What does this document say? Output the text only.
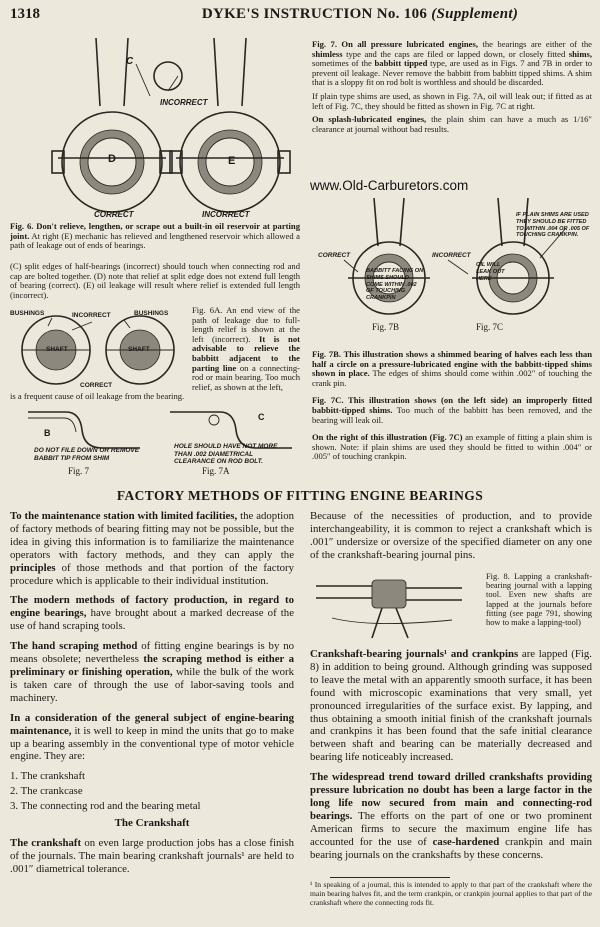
1318	DYKE'S INSTRUCTION No. 106 (Supplement)
C
INCORRECT
D	E
CORRECT	INCORRECT
Fig. 6. Don't relieve, lengthen, or scrape out a built-in oil reservoir at parting joint. At right (E) mechanic has relieved and lengthened reservoir which allowed a path of leakage out of ends of bearings.
(C) split edges of half-bearings (incorrect) should touch when connecting rod and cap are bolted together. (D) note that relief at split edge does not extend full length of bearing (correct). (E) oil leakage will result where relief is extended full length (incorrect).
BUSHINGS	INCORRECT	BUSHINGS
SHAFT	SHAFT
CORRECT
Fig. 6A. An end view of the path of leakage due to full-length relief is shown at the left (incorrect). It is not advisable to relieve the babbitt adjacent to the parting line on a connecting-rod or main bearing. Too much relief, as shown at the left,
is a frequent cause of oil leakage from the bearing.
B
C
DO NOT FILE DOWN OR REMOVE BABBIT TIP FROM SHIM
HOLE SHOULD HAVE NOT MORE THAN .002 DIAMETRICAL CLEARANCE ON ROD BOLT.
Fig. 7	Fig. 7A
Fig. 7. On all pressure lubricated engines, the bearings are either of the shimless type and the caps are filed or lapped down, or closely fitted shims, sometimes of the babbitt tipped type, are used as in Figs. 7 and 7B in order to prevent oil leakage. Never remove the babbitt from babbitt tipped shims. A shim that is a sloppy fit on rod bolt is worthless and should be discarded.
If plain type shims are used, as shown in Fig. 7A, oil will leak out; if fitted as at left of Fig. 7C, they should be fitted as shown in Fig. 7C at right.
On splash-lubricated engines, the plain shim can have a much as 1/16″ clearance at journal without bad results.
www.Old-Carburetors.com
CORRECT
BABBITT FACING ON SHIMS SHOULD COME WITHIN .002 OF TOUCHING CRANKPIN
INCORRECT
OIL WILL LEAK OUT HERE
IF PLAIN SHIMS ARE USED THEY SHOULD BE FITTED TO WITHIN .004 OR .005 OF TOUCHING CRANKPIN.
Fig. 7B	Fig. 7C
Fig. 7B. This illustration shows a shimmed bearing of halves each less than half a circle on a pressure-lubricated engine with the babbitt-tipped shims shown in place. The edges of shims should come within .002″ of touching the crank pin.
Fig. 7C. This illustration shows (on the left side) an improperly fitted babbitt-tipped shims. Too much of the babbitt has been removed, and the bearing will leak oil.
On the right of this illustration (Fig. 7C) an example of fitting a plain shim is shown. Note: if plain shims are used they should be fitted to within .004″ or .005″ of touching crankpin.
FACTORY METHODS OF FITTING ENGINE BEARINGS

To the maintenance station with limited facilities, the adoption of factory methods of bearing fitting may not be possible, but the idea in giving this information is to familiarize the maintenance operators with factory methods, and they can apply the principles of those methods and that portion of the factory procedure which is applicable to their individual institution.

The modern methods of factory production, in regard to engine bearings, have brought about a marked decrease of the use of hand scraping tools.

The hand scraping method of fitting engine bearings is by no means obsolete; nevertheless the scraping method is either a preliminary or finishing operation, while the bulk of the work is taken care of through the use of labor-saving tools and machinery.

In a consideration of the general subject of engine-bearing maintenance, it is well to keep in mind the units that go to make up a bearing assembly in the conventional type of motor vehicle engine. They are:

1. The crankshaft
2. The crankcase
3. The connecting rod and the bearing metal
The Crankshaft

The crankshaft on even large production jobs has a close finish of the journals. The main bearing crankshaft journals¹ are held to .001″ diametrical tolerance.

Because of the necessities of production, and to provide interchangeability, it is common to reject a crankshaft which is .001″ undersize or oversize of the specified diameter on any one of the crankshaft-bearing journal pins.
Fig. 8. Lapping a crankshaft-bearing journal with a lapping tool. Even new shafts are lapped at the journals before fitting (see page 791, showing how to make a lapping-tool)

Crankshaft-bearing journals¹ and crankpins are lapped (Fig. 8) in addition to being ground. Although grinding was supposed to leave the metal with an apparently smooth surface, it has been found with microscopic examinations that very small, yet pronounced irregularities of the surface exist. By lapping, and thus obtaining a smooth initial finish of the crankshaft journals and crankpins it has been found that the safe initial clearance between shaft and bearing can be materially decreased and bearing life noticeably increased.

The widespread trend toward drilled crankshafts providing pressure lubrication no doubt has been a large factor in the long life now secured from main and connecting-rod bearings. The efforts on the part of one or two prominent American firms to secure the maximum engine life has accounted for the use of case-hardened crankpin and main bearing journals on the crankshafts by these concerns.

¹ In speaking of a journal, this is intended to apply to that part of the crankshaft where the main bearing halves fit, and the term crankpin, or crankpin journal applies to that part of the crankshaft where the connecting rods fit.
